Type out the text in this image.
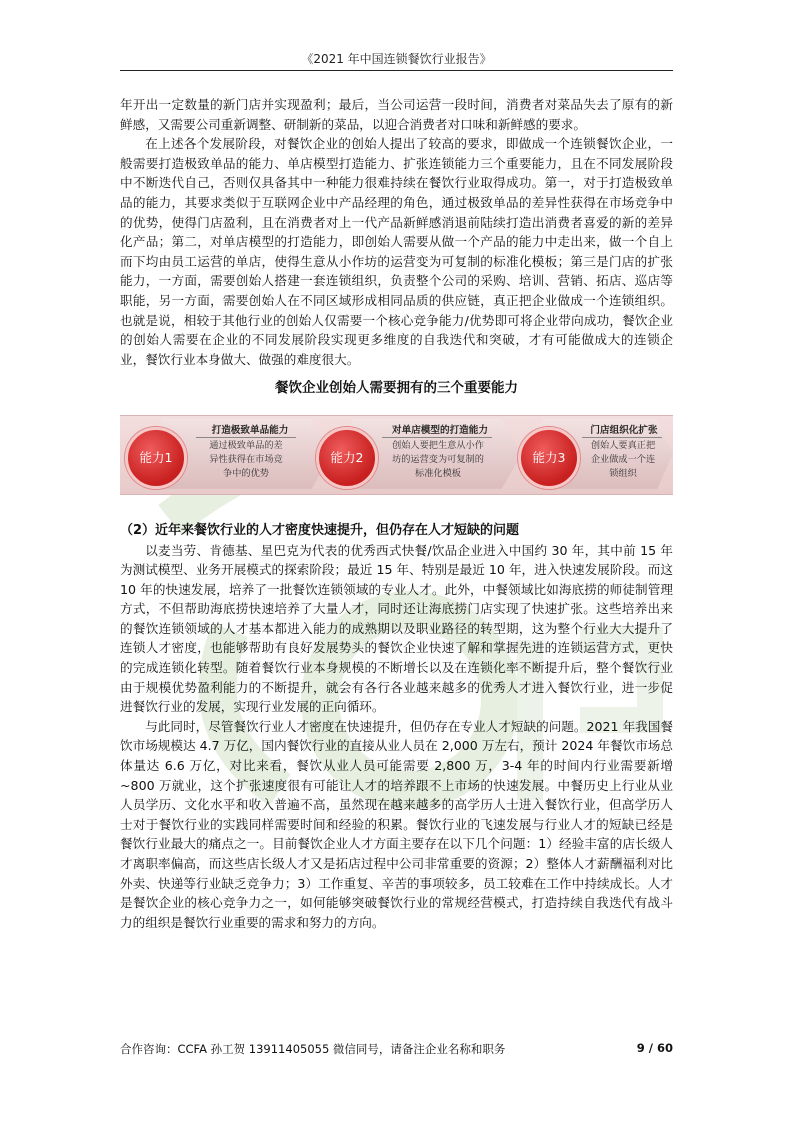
《2021 年中国连锁餐饮行业报告》

年开出一定数量的新门店并实现盈利；最后，当公司运营一段时间，消费者对菜品失去了原有的新鲜感，又需要公司重新调整、研制新的菜品，以迎合消费者对口味和新鲜感的要求。

在上述各个发展阶段，对餐饮企业的创始人提出了较高的要求，即做成一个连锁餐饮企业，一般需要打造极致单品的能力、单店模型打造能力、扩张连锁能力三个重要能力，且在不同发展阶段中不断迭代自己，否则仅具备其中一种能力很难持续在餐饮行业取得成功。第一，对于打造极致单品的能力，其要求类似于互联网企业中产品经理的角色，通过极致单品的差异性获得在市场竞争中的优势，使得门店盈利，且在消费者对上一代产品新鲜感消退前陆续打造出消费者喜爱的新的差异化产品；第二，对单店模型的打造能力，即创始人需要从做一个产品的能力中走出来，做一个自上而下均由员工运营的单店，使得生意从小作坊的运营变为可复制的标准化模板；第三是门店的扩张能力，一方面，需要创始人搭建一套连锁组织，负责整个公司的采购、培训、营销、拓店、巡店等职能，另一方面，需要创始人在不同区域形成相同品质的供应链，真正把企业做成一个连锁组织。也就是说，相较于其他行业的创始人仅需要一个核心竞争能力/优势即可将企业带向成功，餐饮企业的创始人需要在企业的不同发展阶段实现更多维度的自我迭代和突破，才有可能做成大的连锁企业，餐饮行业本身做大、做强的难度很大。

餐饮企业创始人需要拥有的三个重要能力
能力1
打造极致单品能力
通过极致单品的差
异性获得在市场竞
争中的优势
能力2
对单店模型的打造能力
创始人要把生意从小作
坊的运营变为可复制的
标准化模板
能力3
门店组织化扩张
创始人要真正把
企业做成一个连
锁组织

（2）近年来餐饮行业的人才密度快速提升，但仍存在人才短缺的问题

以麦当劳、肯德基、星巴克为代表的优秀西式快餐/饮品企业进入中国约 30 年，其中前 15 年为测试模型、业务开展模式的探索阶段；最近 15 年、特别是最近 10 年，进入快速发展阶段。而这 10 年的快速发展，培养了一批餐饮连锁领域的专业人才。此外，中餐领域比如海底捞的师徒制管理方式，不但帮助海底捞快速培养了大量人才，同时还让海底捞门店实现了快速扩张。这些培养出来的餐饮连锁领域的人才基本都进入能力的成熟期以及职业路径的转型期，这为整个行业大大提升了连锁人才密度，也能够帮助有良好发展势头的餐饮企业快速了解和掌握先进的连锁运营方式，更快的完成连锁化转型。随着餐饮行业本身规模的不断增长以及在连锁化率不断提升后，整个餐饮行业由于规模优势盈利能力的不断提升，就会有各行各业越来越多的优秀人才进入餐饮行业，进一步促进餐饮行业的发展，实现行业发展的正向循环。

与此同时，尽管餐饮行业人才密度在快速提升，但仍存在专业人才短缺的问题。2021 年我国餐饮市场规模达 4.7 万亿，国内餐饮行业的直接从业人员在 2,000 万左右，预计 2024 年餐饮市场总体量达 6.6 万亿，对比来看，餐饮从业人员可能需要 2,800 万，3-4 年的时间内行业需要新增~800 万就业，这个扩张速度很有可能让人才的培养跟不上市场的快速发展。中餐历史上行业从业人员学历、文化水平和收入普遍不高，虽然现在越来越多的高学历人士进入餐饮行业，但高学历人士对于餐饮行业的实践同样需要时间和经验的积累。餐饮行业的飞速发展与行业人才的短缺已经是餐饮行业最大的痛点之一。目前餐饮企业人才方面主要存在以下几个问题：1）经验丰富的店长级人才离职率偏高，而这些店长级人才又是拓店过程中公司非常重要的资源；2）整体人才薪酬福利对比外卖、快递等行业缺乏竞争力；3）工作重复、辛苦的事项较多，员工较难在工作中持续成长。人才是餐饮企业的核心竞争力之一，如何能够突破餐饮行业的常规经营模式，打造持续自我迭代有战斗力的组织是餐饮行业重要的需求和努力的方向。

合作咨询：CCFA 孙工贺 13911405055 微信同号，请备注企业名称和职务	9 / 60
